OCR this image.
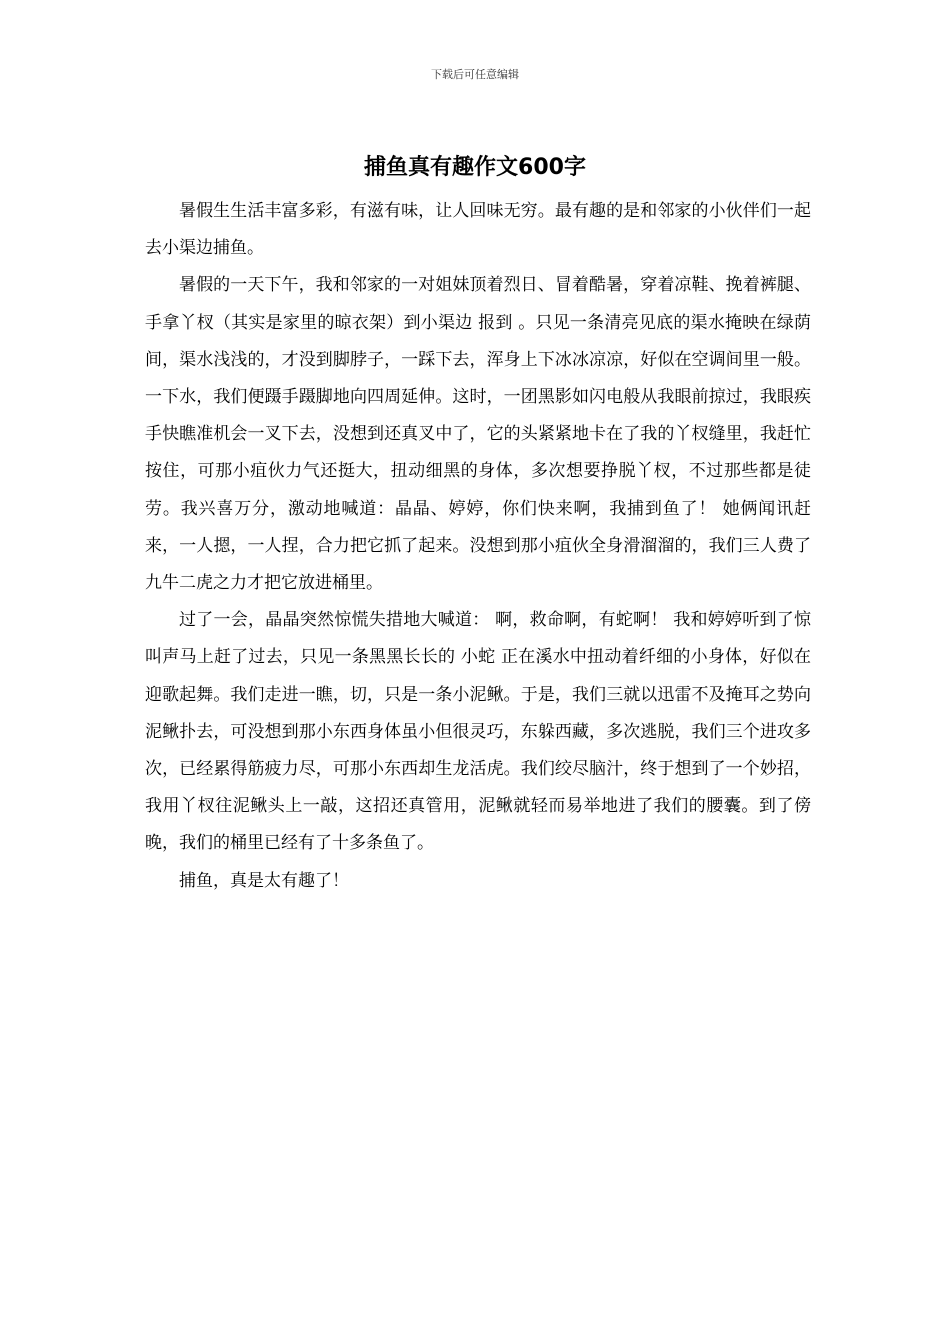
下载后可任意编辑
捕鱼真有趣作文600字

暑假生生活丰富多彩，有滋有味，让人回味无穷。最有趣的是和邻家的小伙伴们一起去小渠边捕鱼。

暑假的一天下午，我和邻家的一对姐妹顶着烈日、冒着酷暑，穿着凉鞋、挽着裤腿、手拿丫杈（其实是家里的晾衣架）到小渠边 报到 。只见一条清亮见底的渠水掩映在绿荫间，渠水浅浅的，才没到脚脖子，一踩下去，浑身上下冰冰凉凉，好似在空调间里一般。一下水，我们便蹑手蹑脚地向四周延伸。这时，一团黑影如闪电般从我眼前掠过，我眼疾手快瞧准机会一叉下去，没想到还真叉中了，它的头紧紧地卡在了我的丫杈缝里，我赶忙按住，可那小疽伙力气还挺大，扭动细黑的身体，多次想要挣脱丫杈，不过那些都是徒劳。我兴喜万分，激动地喊道：晶晶、婷婷，你们快来啊，我捕到鱼了！ 她俩闻讯赶来，一人摁，一人捏，合力把它抓了起来。没想到那小疽伙全身滑溜溜的，我们三人费了九牛二虎之力才把它放进桶里。

过了一会，晶晶突然惊慌失措地大喊道： 啊，救命啊，有蛇啊！ 我和婷婷听到了惊叫声马上赶了过去，只见一条黑黑长长的 小蛇 正在溪水中扭动着纤细的小身体，好似在迎歌起舞。我们走进一瞧，切，只是一条小泥鳅。于是，我们三就以迅雷不及掩耳之势向泥鳅扑去，可没想到那小东西身体虽小但很灵巧，东躲西藏，多次逃脱，我们三个进攻多次，已经累得筋疲力尽，可那小东西却生龙活虎。我们绞尽脑汁，终于想到了一个妙招，我用丫杈往泥鳅头上一敲，这招还真管用，泥鳅就轻而易举地进了我们的腰囊。到了傍晚，我们的桶里已经有了十多条鱼了。

捕鱼，真是太有趣了！
